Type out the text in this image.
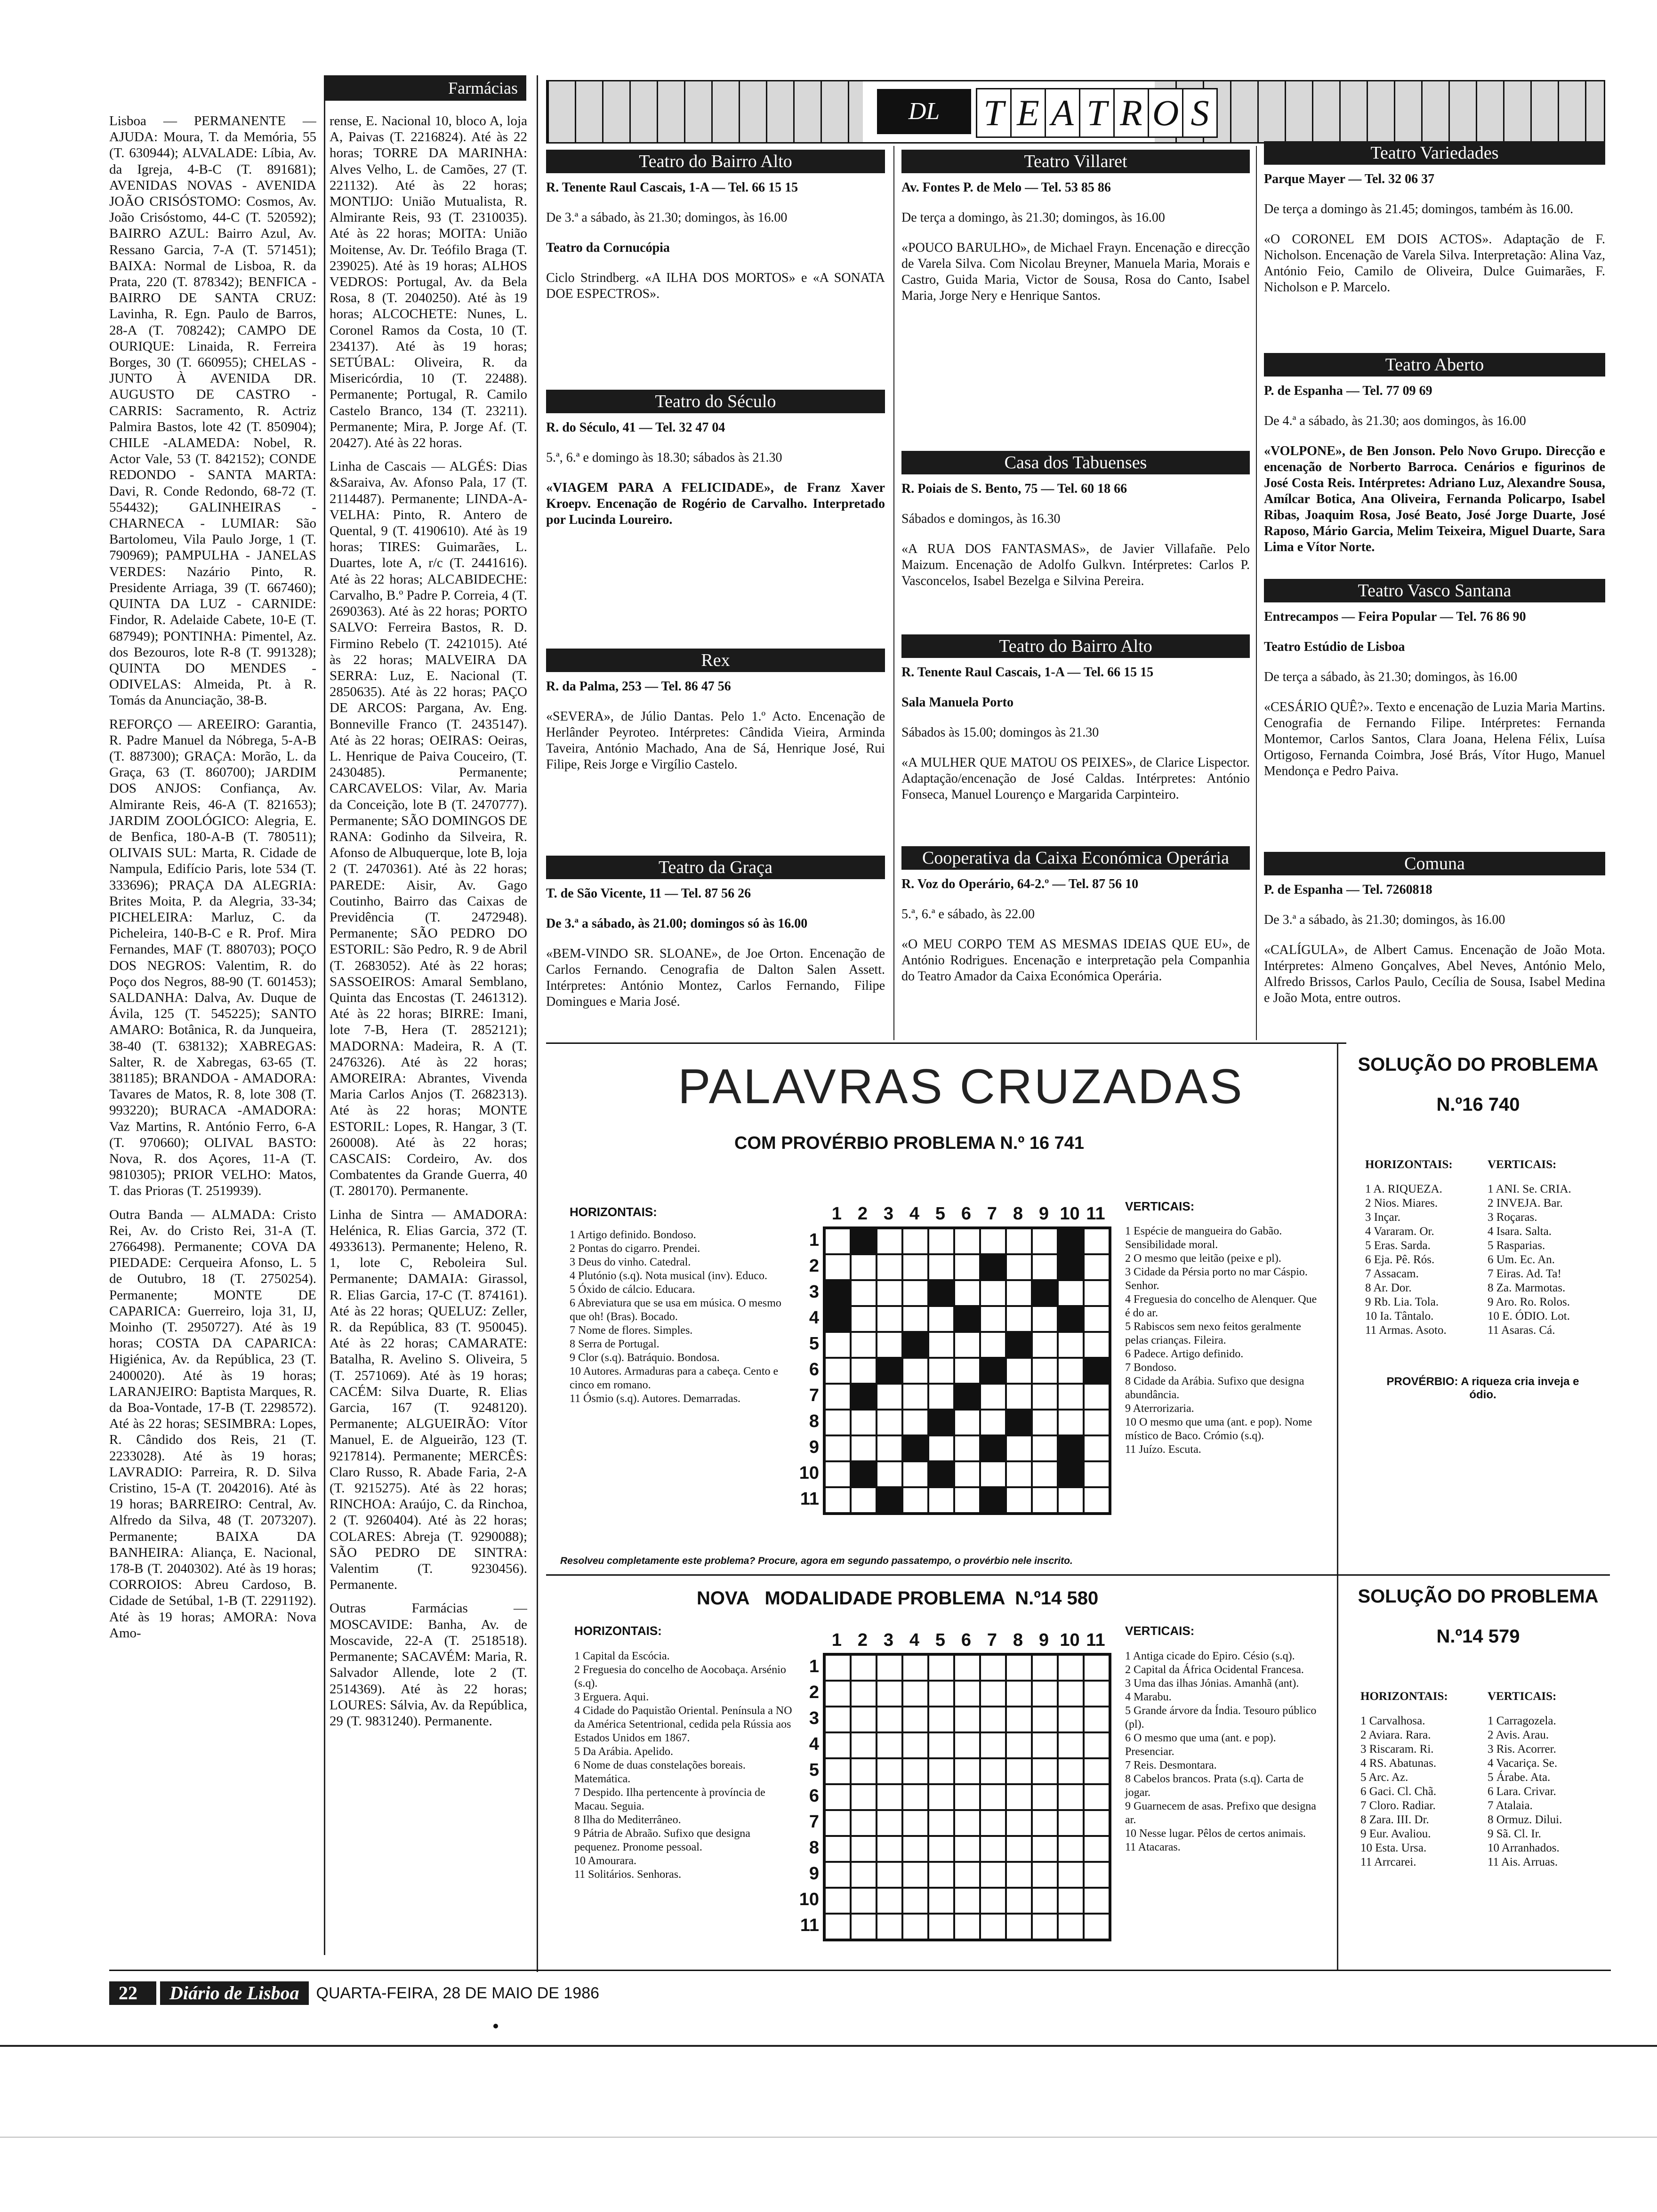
Farmácias

Lisboa — PERMANENTE — AJUDA: Moura, T. da Memória, 55 (T. 630944); ALVALADE: Líbia, Av. da Igreja, 4-B-C (T. 891681); AVENIDAS NOVAS - AVENIDA JOÃO CRISÓSTOMO: Cosmos, Av. João Crisóstomo, 44-C (T. 520592); BAIRRO AZUL: Bairro Azul, Av. Ressano Garcia, 7-A (T. 571451); BAIXA: Normal de Lisboa, R. da Prata, 220 (T. 878342); BENFICA -BAIRRO DE SANTA CRUZ: Lavinha, R. Egn. Paulo de Barros, 28-A (T. 708242); CAMPO DE OURIQUE: Linaida, R. Ferreira Borges, 30 (T. 660955); CHELAS - JUNTO À AVENIDA DR. AUGUSTO DE CASTRO - CARRIS: Sacramento, R. Actriz Palmira Bastos, lote 42 (T. 850904); CHILE -ALAMEDA: Nobel, R. Actor Vale, 53 (T. 842152); CONDE REDONDO - SANTA MARTA: Davi, R. Conde Redondo, 68-72 (T. 554432); GALINHEIRAS - CHARNECA - LUMIAR: São Bartolomeu, Vila Paulo Jorge, 1 (T. 790969); PAMPULHA - JANELAS VERDES: Nazário Pinto, R. Presidente Arriaga, 39 (T. 667460); QUINTA DA LUZ - CARNIDE: Findor, R. Adelaide Cabete, 10-E (T. 687949); PONTINHA: Pimentel, Az. dos Bezouros, lote R-8 (T. 991328); QUINTA DO MENDES -ODIVELAS: Almeida, Pt. à R. Tomás da Anunciação, 38-B.

REFORÇO — AREEIRO: Garantia, R. Padre Manuel da Nóbrega, 5-A-B (T. 887300); GRAÇA: Morão, L. da Graça, 63 (T. 860700); JARDIM DOS ANJOS: Confiança, Av. Almirante Reis, 46-A (T. 821653); JARDIM ZOOLÓGICO: Alegria, E. de Benfica, 180-A-B (T. 780511); OLIVAIS SUL: Marta, R. Cidade de Nampula, Edifício Paris, lote 534 (T. 333696); PRAÇA DA ALEGRIA: Brites Moita, P. da Alegria, 33-34; PICHELEIRA: Marluz, C. da Picheleira, 140-B-C e R. Prof. Mira Fernandes, MAF (T. 880703); POÇO DOS NEGROS: Valentim, R. do Poço dos Negros, 88-90 (T. 601453); SALDANHA: Dalva, Av. Duque de Ávila, 125 (T. 545225); SANTO AMARO: Botânica, R. da Junqueira, 38-40 (T. 638132); XABREGAS: Salter, R. de Xabregas, 63-65 (T. 381185); BRANDOA - AMADORA: Tavares de Matos, R. 8, lote 308 (T. 993220); BURACA -AMADORA: Vaz Martins, R. António Ferro, 6-A (T. 970660); OLIVAL BASTO: Nova, R. dos Açores, 11-A (T. 9810305); PRIOR VELHO: Matos, T. das Prioras (T. 2519939).

Outra Banda — ALMADA: Cristo Rei, Av. do Cristo Rei, 31-A (T. 2766498). Permanente; COVA DA PIEDADE: Cerqueira Afonso, L. 5 de Outubro, 18 (T. 2750254). Permanente; MONTE DE CAPARICA: Guerreiro, loja 31, IJ, Moinho (T. 2950727). Até às 19 horas; COSTA DA CAPARICA: Higiénica, Av. da República, 23 (T. 2400020). Até às 19 horas; LARANJEIRO: Baptista Marques, R. da Boa-Vontade, 17-B (T. 2298572). Até às 22 horas; SESIMBRA: Lopes, R. Cândido dos Reis, 21 (T. 2233028). Até às 19 horas; LAVRADIO: Parreira, R. D. Silva Cristino, 15-A (T. 2042016). Até às 19 horas; BARREIRO: Central, Av. Alfredo da Silva, 48 (T. 2073207). Permanente; BAIXA DA BANHEIRA: Aliança, E. Nacional, 178-B (T. 2040302). Até às 19 horas; CORROIOS: Abreu Cardoso, B. Cidade de Setúbal, 1-B (T. 2291192). Até às 19 horas; AMORA: Nova Amo-

rense, E. Nacional 10, bloco A, loja A, Paivas (T. 2216824). Até às 22 horas; TORRE DA MARINHA: Alves Velho, L. de Camões, 27 (T. 221132). Até às 22 horas; MONTIJO: União Mutualista, R. Almirante Reis, 93 (T. 2310035). Até às 22 horas; MOITA: União Moitense, Av. Dr. Teófilo Braga (T. 239025). Até às 19 horas; ALHOS VEDROS: Portugal, Av. da Bela Rosa, 8 (T. 2040250). Até às 19 horas; ALCOCHETE: Nunes, L. Coronel Ramos da Costa, 10 (T. 234137). Até às 19 horas; SETÚBAL: Oliveira, R. da Misericórdia, 10 (T. 22488). Permanente; Portugal, R. Camilo Castelo Branco, 134 (T. 23211). Permanente; Mira, P. Jorge Af. (T. 20427). Até às 22 horas.

Linha de Cascais — ALGÉS: Dias &Saraiva, Av. Afonso Pala, 17 (T. 2114487). Permanente; LINDA-A-VELHA: Pinto, R. Antero de Quental, 9 (T. 4190610). Até às 19 horas; TIRES: Guimarães, L. Duartes, lote A, r/c (T. 2441616). Até às 22 horas; ALCABIDECHE: Carvalho, B.º Padre P. Correia, 4 (T. 2690363). Até às 22 horas; PORTO SALVO: Ferreira Bastos, R. D. Firmino Rebelo (T. 2421015). Até às 22 horas; MALVEIRA DA SERRA: Luz, E. Nacional (T. 2850635). Até às 22 horas; PAÇO DE ARCOS: Pargana, Av. Eng. Bonneville Franco (T. 2435147). Até às 22 horas; OEIRAS: Oeiras, L. Henrique de Paiva Couceiro, (T. 2430485). Permanente; CARCAVELOS: Vilar, Av. Maria da Conceição, lote B (T. 2470777). Permanente; SÃO DOMINGOS DE RANA: Godinho da Silveira, R. Afonso de Albuquerque, lote B, loja 2 (T. 2470361). Até às 22 horas; PAREDE: Aisir, Av. Gago Coutinho, Bairro das Caixas de Previdência (T. 2472948). Permanente; SÃO PEDRO DO ESTORIL: São Pedro, R. 9 de Abril (T. 2683052). Até às 22 horas; SASSOEIROS: Amaral Semblano, Quinta das Encostas (T. 2461312). Até às 22 horas; BIRRE: Imani, lote 7-B, Hera (T. 2852121); MADORNA: Madeira, R. A (T. 2476326). Até às 22 horas; AMOREIRA: Abrantes, Vivenda Maria Carlos Anjos (T. 2682313). Até às 22 horas; MONTE ESTORIL: Lopes, R. Hangar, 3 (T. 260008). Até às 22 horas; CASCAIS: Cordeiro, Av. dos Combatentes da Grande Guerra, 40 (T. 280170). Permanente.

Linha de Sintra — AMADORA: Helénica, R. Elias Garcia, 372 (T. 4933613). Permanente; Heleno, R. 1, lote C, Reboleira Sul. Permanente; DAMAIA: Girassol, R. Elias Garcia, 17-C (T. 874161). Até às 22 horas; QUELUZ: Zeller, R. da República, 83 (T. 950045). Até às 22 horas; CAMARATE: Batalha, R. Avelino S. Oliveira, 5 (T. 2571069). Até às 19 horas; CACÉM: Silva Duarte, R. Elias Garcia, 167 (T. 9248120). Permanente; ALGUEIRÃO: Vítor Manuel, E. de Algueirão, 123 (T. 9217814). Permanente; MERCÊS: Claro Russo, R. Abade Faria, 2-A (T. 9215275). Até às 22 horas; RINCHOA: Araújo, C. da Rinchoa, 2 (T. 9260404). Até às 22 horas; COLARES: Abreja (T. 9290088); SÃO PEDRO DE SINTRA: Valentim (T. 9230456). Permanente.

Outras Farmácias — MOSCAVIDE: Banha, Av. de Moscavide, 22-A (T. 2518518). Permanente; SACAVÉM: Maria, R. Salvador Allende, lote 2 (T. 2514369). Até às 22 horas; LOURES: Sálvia, Av. da República, 29 (T. 9831240). Permanente.

DL	T E A T R O S
Teatro do Bairro Alto
R. Tenente Raul Cascais, 1-A — Tel. 66 15 15
De 3.ª a sábado, às 21.30; domingos, às 16.00
Teatro da Cornucópia
Ciclo Strindberg. «A ILHA DOS MORTOS» e «A SONATA DOE ESPECTROS».
Teatro do Século
R. do Século, 41 — Tel. 32 47 04
5.ª, 6.ª e domingo às 18.30; sábados às 21.30
«VIAGEM PARA A FELICIDADE», de Franz Xaver Kroepv. Encenação de Rogério de Carvalho. Interpretado por Lucinda Loureiro.
Rex
R. da Palma, 253 — Tel. 86 47 56
«SEVERA», de Júlio Dantas. Pelo 1.º Acto. Encenação de Herlânder Peyroteo. Intérpretes: Cândida Vieira, Arminda Taveira, António Machado, Ana de Sá, Henrique José, Rui Filipe, Reis Jorge e Virgílio Castelo.
Teatro da Graça
T. de São Vicente, 11 — Tel. 87 56 26
De 3.ª a sábado, às 21.00; domingos só às 16.00
«BEM-VINDO SR. SLOANE», de Joe Orton. Encenação de Carlos Fernando. Cenografia de Dalton Salen Assett. Intérpretes: António Montez, Carlos Fernando, Filipe Domingues e Maria José.
Teatro Villaret
Av. Fontes P. de Melo — Tel. 53 85 86
De terça a domingo, às 21.30; domingos, às 16.00
«POUCO BARULHO», de Michael Frayn. Encenação e direcção de Varela Silva. Com Nicolau Breyner, Manuela Maria, Morais e Castro, Guida Maria, Victor de Sousa, Rosa do Canto, Isabel Maria, Jorge Nery e Henrique Santos.
Casa dos Tabuenses
R. Poiais de S. Bento, 75 — Tel. 60 18 66
Sábados e domingos, às 16.30
«A RUA DOS FANTASMAS», de Javier Villafañe. Pelo Maizum. Encenação de Adolfo Gulkvn. Intérpretes: Carlos P. Vasconcelos, Isabel Bezelga e Silvina Pereira.
Teatro do Bairro Alto
R. Tenente Raul Cascais, 1-A — Tel. 66 15 15
Sala Manuela Porto
Sábados às 15.00; domingos às 21.30
«A MULHER QUE MATOU OS PEIXES», de Clarice Lispector. Adaptação/encenação de José Caldas. Intérpretes: António Fonseca, Manuel Lourenço e Margarida Carpinteiro.
Cooperativa da Caixa Económica Operária
R. Voz do Operário, 64-2.º — Tel. 87 56 10
5.ª, 6.ª e sábado, às 22.00
«O MEU CORPO TEM AS MESMAS IDEIAS QUE EU», de António Rodrigues. Encenação e interpretação pela Companhia do Teatro Amador da Caixa Económica Operária.
Teatro Variedades
Parque Mayer — Tel. 32 06 37
De terça a domingo às 21.45; domingos, também às 16.00.
«O CORONEL EM DOIS ACTOS». Adaptação de F. Nicholson. Encenação de Varela Silva. Interpretação: Alina Vaz, António Feio, Camilo de Oliveira, Dulce Guimarães, F. Nicholson e P. Marcelo.
Teatro Aberto
P. de Espanha — Tel. 77 09 69
De 4.ª a sábado, às 21.30; aos domingos, às 16.00
«VOLPONE», de Ben Jonson. Pelo Novo Grupo. Direcção e encenação de Norberto Barroca. Cenários e figurinos de José Costa Reis. Intérpretes: Adriano Luz, Alexandre Sousa, Amílcar Botica, Ana Oliveira, Fernanda Policarpo, Isabel Ribas, Joaquim Rosa, José Beato, José Jorge Duarte, José Raposo, Mário Garcia, Melim Teixeira, Miguel Duarte, Sara Lima e Vítor Norte.
Teatro Vasco Santana
Entrecampos — Feira Popular — Tel. 76 86 90
Teatro Estúdio de Lisboa
De terça a sábado, às 21.30; domingos, às 16.00
«CESÁRIO QUÊ?». Texto e encenação de Luzia Maria Martins. Cenografia de Fernando Filipe. Intérpretes: Fernanda Montemor, Carlos Santos, Clara Joana, Helena Félix, Luísa Ortigoso, Fernanda Coimbra, José Brás, Vítor Hugo, Manuel Mendonça e Pedro Paiva.
Comuna
P. de Espanha — Tel. 7260818
De 3.ª a sábado, às 21.30; domingos, às 16.00
«CALÍGULA», de Albert Camus. Encenação de João Mota. Intérpretes: Almeno Gonçalves, Abel Neves, António Melo, Alfredo Brissos, Carlos Paulo, Cecília de Sousa, Isabel Medina e João Mota, entre outros.
PALAVRAS CRUZADAS
COM PROVÉRBIO PROBLEMA N.º 16 741
HORIZONTAIS:
1 Artigo definido. Bondoso.
2 Pontas do cigarro. Prendei.
3 Deus do vinho. Catedral.
4 Plutónio (s.q). Nota musical (inv). Educo.
5 Óxido de cálcio. Educara.
6 Abreviatura que se usa em música. O mesmo que oh! (Bras). Bocado.
7 Nome de flores. Simples.
8 Serra de Portugal.
9 Clor (s.q). Batráquio. Bondosa.
10 Autores. Armaduras para a cabeça. Cento e cinco em romano.
11 Ósmio (s.q). Autores. Demarradas.
1 2 3 4 5 6 7 8 9 10 11
1
2
3
4
5
6
7
8
9
10
11
VERTICAIS:
1 Espécie de mangueira do Gabão. Sensibilidade moral.
2 O mesmo que leitão (peixe e pl).
3 Cidade da Pérsia porto no mar Cáspio. Senhor.
4 Freguesia do concelho de Alenquer. Que é do ar.
5 Rabiscos sem nexo feitos geralmente pelas crianças. Fileira.
6 Padece. Artigo definido.
7 Bondoso.
8 Cidade da Arábia. Sufixo que designa abundância.
9 Aterrorizaria.
10 O mesmo que uma (ant. e pop). Nome místico de Baco. Crómio (s.q).
11 Juízo. Escuta.
Resolveu completamente este problema? Procure, agora em segundo passatempo, o provérbio nele inscrito.
SOLUÇÃO DO PROBLEMA
N.º16 740
HORIZONTAIS:
1 A. RIQUEZA.
2 Nios. Miares.
3 Inçar.
4 Vararam. Or.
5 Eras. Sarda.
6 Eja. Pê. Rós.
7 Assacam.
8 Ar. Dor.
9 Rb. Lia. Tola.
10 Ia. Tântalo.
11 Armas. Asoto.
VERTICAIS:
1 ANI. Se. CRIA.
2 INVEJA. Bar.
3 Roçaras.
4 Isara. Salta.
5 Rasparias.
6 Um. Ec. An.
7 Eiras. Ad. Ta!
8 Za. Marmotas.
9 Aro. Ro. Rolos.
10 E. ÓDIO. Lot.
11 Asaras. Cá.
PROVÉRBIO: A riqueza cria inveja e ódio.
NOVA   MODALIDADE PROBLEMA  N.º14 580
HORIZONTAIS:
1 Capital da Escócia.
2 Freguesia do concelho de Aocobaça. Arsénio (s.q).
3 Erguera. Aqui.
4 Cidade do Paquistão Oriental. Península a NO da América Setentrional, cedida pela Rússia aos Estados Unidos em 1867.
5 Da Arábia. Apelido.
6 Nome de duas constelações boreais. Matemática.
7 Despido. Ilha pertencente à província de Macau. Seguia.
8 Ilha do Mediterrâneo.
9 Pátria de Abraão. Sufixo que designa pequenez. Pronome pessoal.
10 Amourara.
11 Solitários. Senhoras.
1 2 3 4 5 6 7 8 9 10 11
1
2
3
4
5
6
7
8
9
10
11
VERTICAIS:
1 Antiga cicade do Epiro. Césio (s.q).
2 Capital da África Ocidental Francesa.
3 Uma das ilhas Jónias. Amanhã (ant).
4 Marabu.
5 Grande árvore da Índia. Tesouro público (pl).
6 O mesmo que uma (ant. e pop). Presenciar.
7 Reis. Desmontara.
8 Cabelos brancos. Prata (s.q). Carta de jogar.
9 Guarnecem de asas. Prefixo que designa ar.
10 Nesse lugar. Pêlos de certos animais.
11 Atacaras.
SOLUÇÃO DO PROBLEMA
N.º14 579
HORIZONTAIS:
1 Carvalhosa.
2 Aviara. Rara.
3 Riscaram. Ri.
4 RS. Abatunas.
5 Arc. Az.
6 Gaci. Cl. Chã.
7 Cloro. Radiar.
8 Zara. III. Dr.
9 Eur. Avaliou.
10 Esta. Ursa.
11 Arrcarei.
VERTICAIS:
1 Carragozela.
2 Avis. Arau.
3 Ris. Acorrer.
4 Vacariça. Se.
5 Árabe. Ata.
6 Lara. Crivar.
7 Atalaia.
8 Ormuz. Dilui.
9 Sã. Cl. Ir.
10 Arranhados.
11 Ais. Arruas.
22	Diário de Lisboa	QUARTA-FEIRA, 28 DE MAIO DE 1986
